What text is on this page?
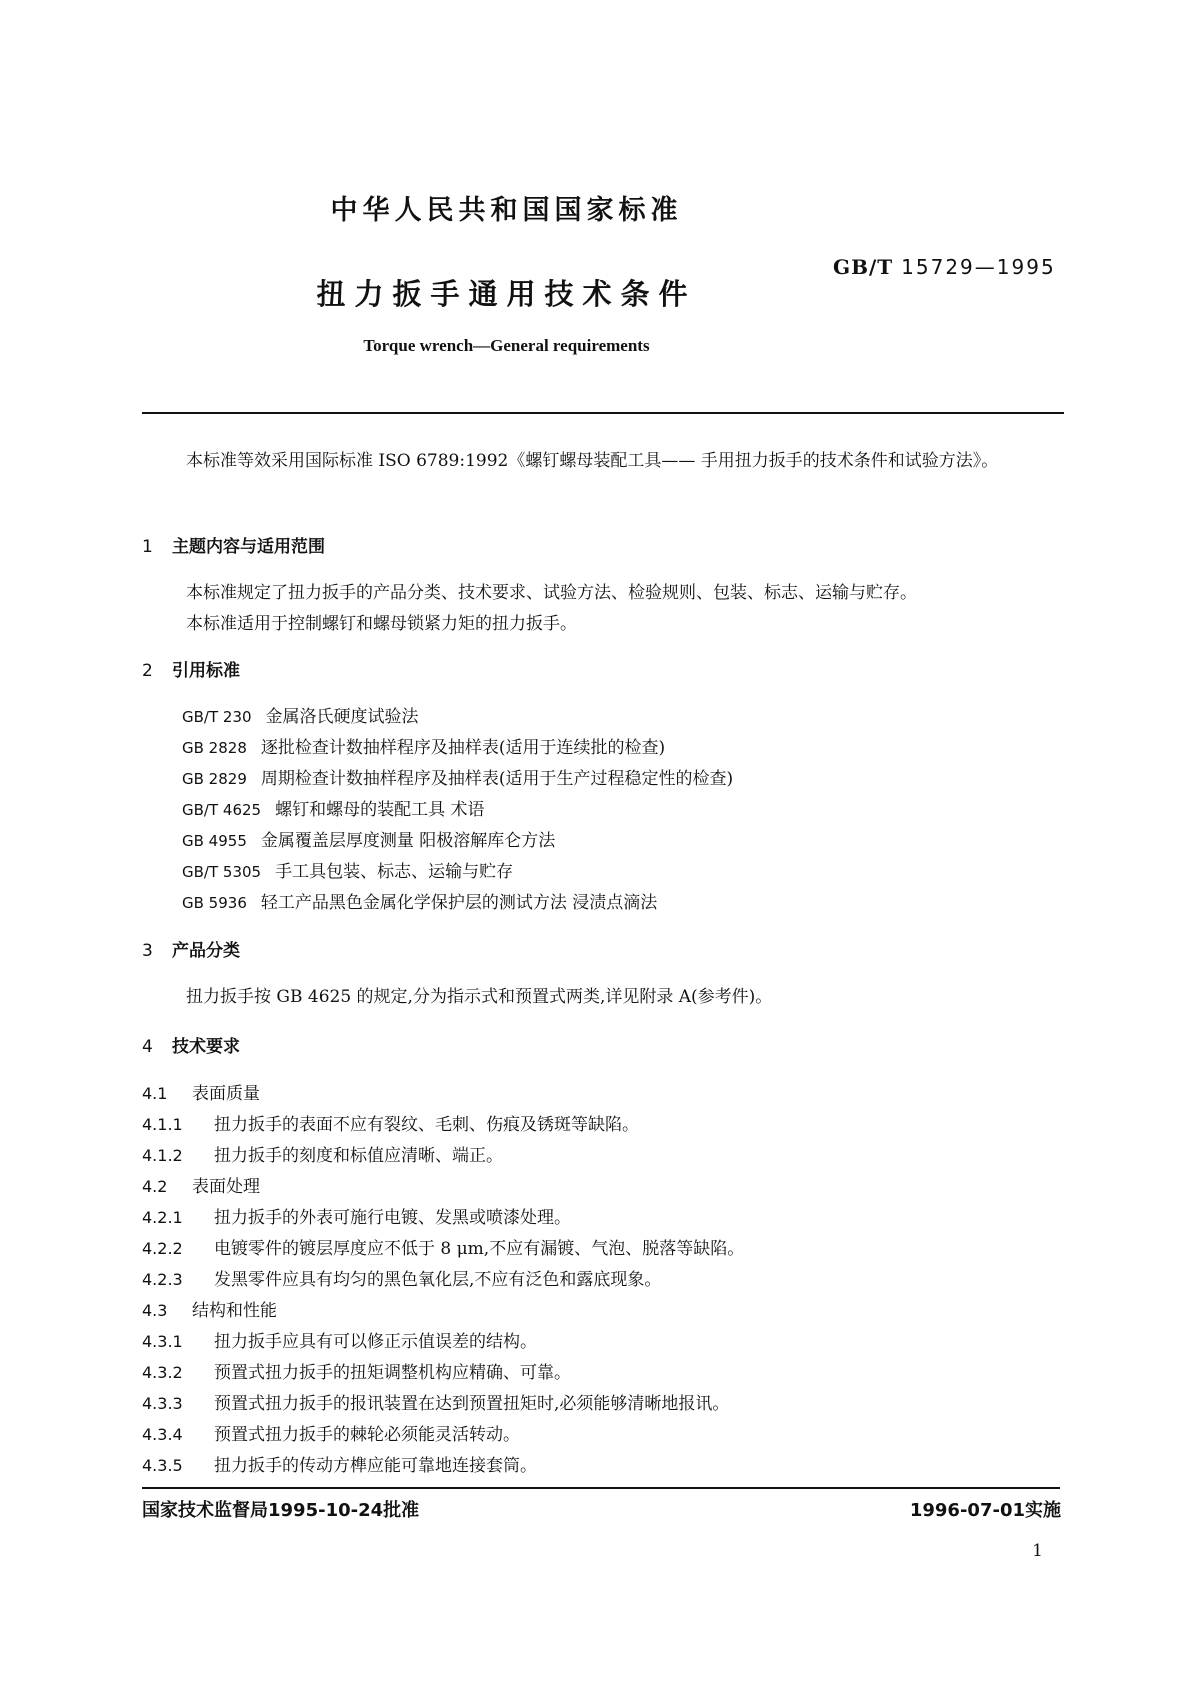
中华人民共和国国家标准
GB/T 15729—1995
扭力扳手通用技术条件
Torque wrench—General requirements
本标准等效采用国际标准 ISO 6789:1992《螺钉螺母装配工具—— 手用扭力扳手的技术条件和试验方法》。
1 主题内容与适用范围
本标准规定了扭力扳手的产品分类、技术要求、试验方法、检验规则、包装、标志、运输与贮存。
本标准适用于控制螺钉和螺母锁紧力矩的扭力扳手。
2 引用标准
GB/T 230 金属洛氏硬度试验法
GB 2828 逐批检查计数抽样程序及抽样表(适用于连续批的检查)
GB 2829 周期检查计数抽样程序及抽样表(适用于生产过程稳定性的检查)
GB/T 4625 螺钉和螺母的装配工具 术语
GB 4955 金属覆盖层厚度测量 阳极溶解库仑方法
GB/T 5305 手工具包装、标志、运输与贮存
GB 5936 轻工产品黑色金属化学保护层的测试方法 浸渍点滴法
3 产品分类
扭力扳手按 GB 4625 的规定,分为指示式和预置式两类,详见附录 A(参考件)。
4 技术要求
4.1 表面质量
4.1.1 扭力扳手的表面不应有裂纹、毛刺、伤痕及锈斑等缺陷。
4.1.2 扭力扳手的刻度和标值应清晰、端正。
4.2 表面处理
4.2.1 扭力扳手的外表可施行电镀、发黑或喷漆处理。
4.2.2 电镀零件的镀层厚度应不低于 8 μm,不应有漏镀、气泡、脱落等缺陷。
4.2.3 发黑零件应具有均匀的黑色氧化层,不应有泛色和露底现象。
4.3 结构和性能
4.3.1 扭力扳手应具有可以修正示值误差的结构。
4.3.2 预置式扭力扳手的扭矩调整机构应精确、可靠。
4.3.3 预置式扭力扳手的报讯装置在达到预置扭矩时,必须能够清晰地报讯。
4.3.4 预置式扭力扳手的棘轮必须能灵活转动。
4.3.5 扭力扳手的传动方榫应能可靠地连接套筒。
国家技术监督局1995-10-24批准	1996-07-01实施
1
